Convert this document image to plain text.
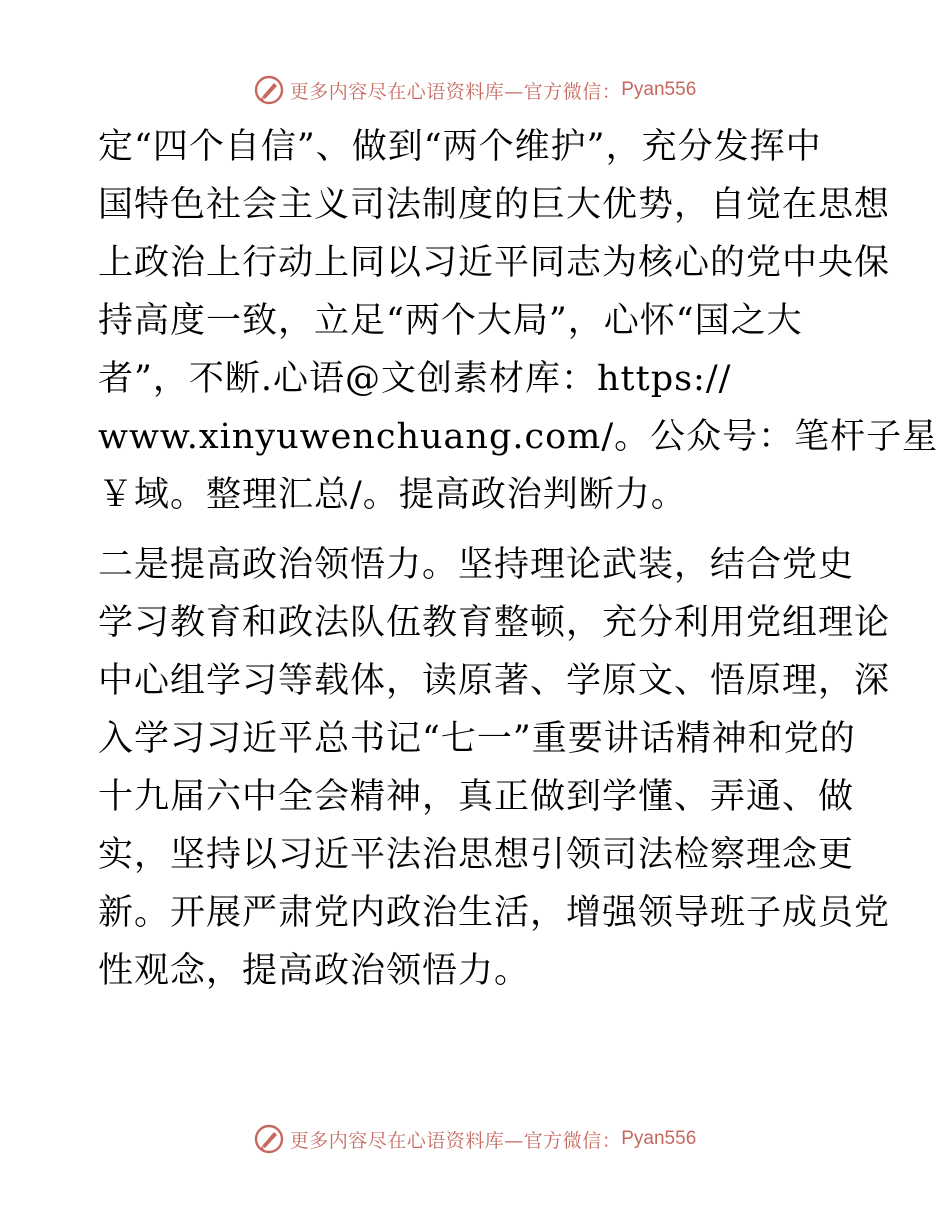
更多内容尽在心语资料库—官方微信： Pyan556
定“四个自信”、做到“两个维护”，充分发挥中
国特色社会主义司法制度的巨大优势，自觉在思想
上政治上行动上同以习近平同志为核心的党中央保
持高度一致，立足“两个大局”，心怀“国之大
者”，不断.心语@文创素材库：https://
www.xinyuwenchuang.com/。公众号：笔杆子星
￥域。整理汇总/。提高政治判断力。
二是提高政治领悟力。坚持理论武装，结合党史
学习教育和政法队伍教育整顿，充分利用党组理论
中心组学习等载体，读原著、学原文、悟原理，深
入学习习近平总书记“七一”重要讲话精神和党的
十九届六中全会精神，真正做到学懂、弄通、做
实，坚持以习近平法治思想引领司法检察理念更
新。开展严肃党内政治生活，增强领导班子成员党
性观念，提高政治领悟力。
更多内容尽在心语资料库—官方微信： Pyan556
